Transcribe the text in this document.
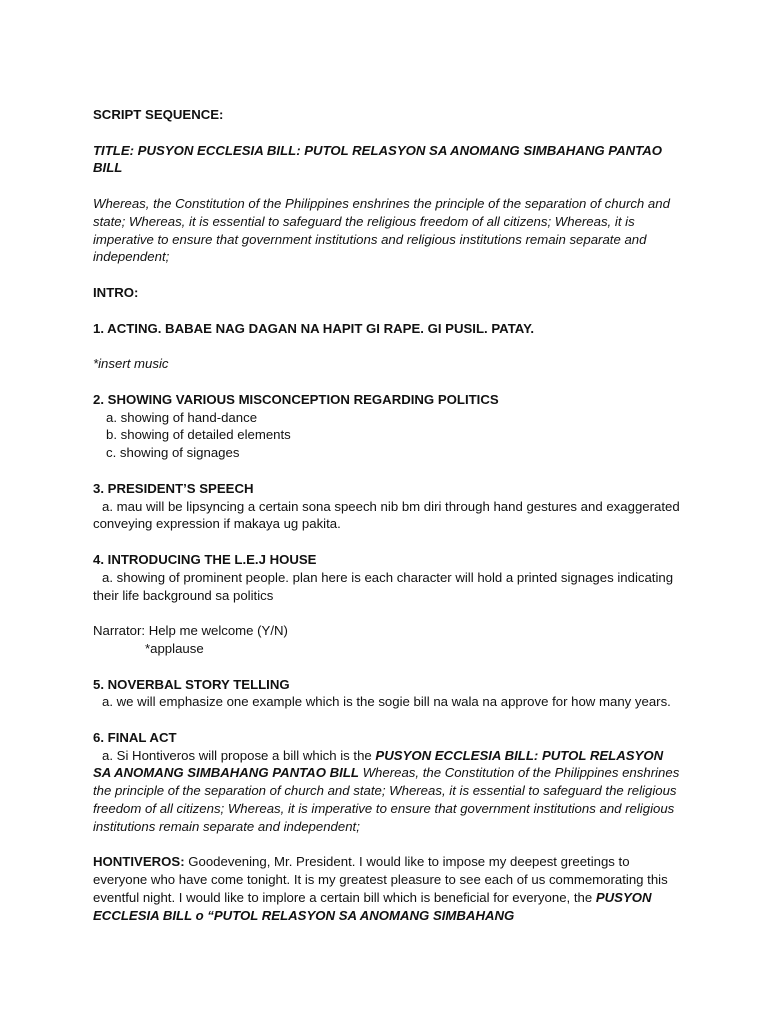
SCRIPT SEQUENCE:

TITLE: PUSYON ECCLESIA BILL: PUTOL RELASYON SA ANOMANG SIMBAHANG PANTAO BILL

Whereas, the Constitution of the Philippines enshrines the principle of the separation of church and state; Whereas, it is essential to safeguard the religious freedom of all citizens; Whereas, it is imperative to ensure that government institutions and religious institutions remain separate and independent;

INTRO:

1. ACTING. BABAE NAG DAGAN NA HAPIT GI RAPE. GI PUSIL. PATAY.

*insert music

2. SHOWING VARIOUS MISCONCEPTION REGARDING POLITICS

a. showing of hand-dance

b. showing of detailed elements

c. showing of signages

3. PRESIDENT’S SPEECH

a. mau will be lipsyncing a certain sona speech nib bm diri through hand gestures and exaggerated conveying expression if makaya ug pakita.

4. INTRODUCING THE L.E.J HOUSE

a. showing of prominent people. plan here is each character will hold a printed signages indicating their life background sa politics

Narrator: Help me welcome (Y/N)

*applause

5. NOVERBAL STORY TELLING

a. we will emphasize one example which is the sogie bill na wala na approve for how many years.

6. FINAL ACT

a. Si Hontiveros will propose a bill which is the PUSYON ECCLESIA BILL: PUTOL RELASYON SA ANOMANG SIMBAHANG PANTAO BILL Whereas, the Constitution of the Philippines enshrines the principle of the separation of church and state; Whereas, it is essential to safeguard the religious freedom of all citizens; Whereas, it is imperative to ensure that government institutions and religious institutions remain separate and independent;

HONTIVEROS: Goodevening, Mr. President. I would like to impose my deepest greetings to everyone who have come tonight. It is my greatest pleasure to see each of us commemorating this eventful night. I would like to implore a certain bill which is beneficial for everyone, the PUSYON ECCLESIA BILL o “PUTOL RELASYON SA ANOMANG SIMBAHANG
